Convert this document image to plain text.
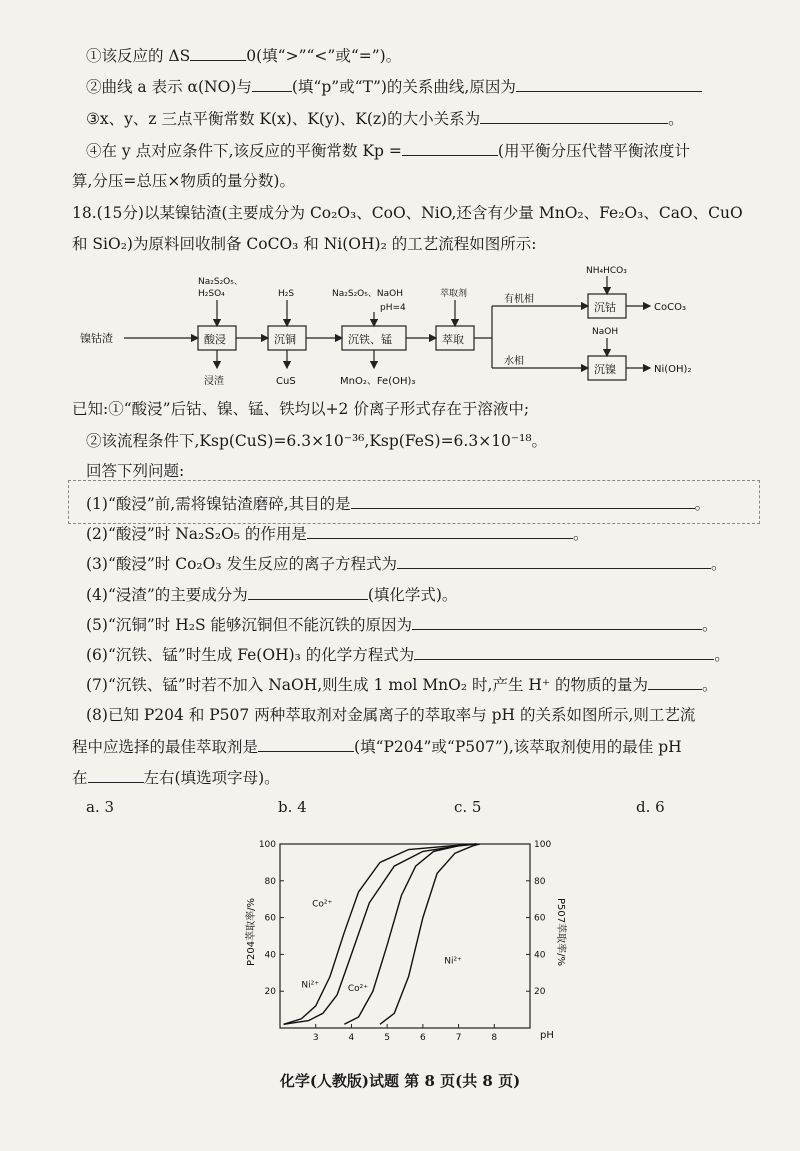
①该反应的 ΔS	0(填“>”“<”或“=”)。
②曲线 a 表示 α(NO)与	(填“p”或“T”)的关系曲线,原因为
③x、y、z 三点平衡常数 K(x)、K(y)、K(z)的大小关系为	。
④在 y 点对应条件下,该反应的平衡常数 Kp =	(用平衡分压代替平衡浓度计
算,分压=总压×物质的量分数)。
18.(15分)以某镍钴渣(主要成分为 Co₂O₃、CoO、NiO,还含有少量 MnO₂、Fe₂O₃、CaO、CuO
和 SiO₂)为原料回收制备 CoCO₃ 和 Ni(OH)₂ 的工艺流程如图所示:
镍钴渣	酸浸	沉铜	沉铁、锰	萃取
Na₂S₂O₅、
H₂SO₄	H₂S	Na₂S₂O₅、NaOH
pH=4
萃取剂
浸渣	CuS	MnO₂、Fe(OH)₃
有机相
水相
沉钴
沉镍
NH₄HCO₃
NaOH
CoCO₃
Ni(OH)₂
已知:①“酸浸”后钴、镍、锰、铁均以+2 价离子形式存在于溶液中;
②该流程条件下,Ksp(CuS)=6.3×10⁻³⁶,Ksp(FeS)=6.3×10⁻¹⁸。
回答下列问题:
(1)“酸浸”前,需将镍钴渣磨碎,其目的是	。
(2)“酸浸”时 Na₂S₂O₅ 的作用是	。
(3)“酸浸”时 Co₂O₃ 发生反应的离子方程式为	。
(4)“浸渣”的主要成分为	(填化学式)。
(5)“沉铜”时 H₂S 能够沉铜但不能沉铁的原因为	。
(6)“沉铁、锰”时生成 Fe(OH)₃ 的化学方程式为	。
(7)“沉铁、锰”时若不加入 NaOH,则生成 1 mol MnO₂ 时,产生 H⁺ 的物质的量为	。
(8)已知 P204 和 P507 两种萃取剂对金属离子的萃取率与 pH 的关系如图所示,则工艺流
程中应选择的最佳萃取剂是	(填“P204”或“P507”),该萃取剂使用的最佳 pH
在	左右(填选项字母)。
a. 3	b. 4	c. 5	d. 6
P204萃取率/%	P507萃取率/%
pH
20	20
40	40
60	60
80	80
100	100
3	4	5	6	7	8
Co²⁺
Ni²⁺	Co²⁺
Ni²⁺
化学(人教版)试题 第 8 页(共 8 页)
